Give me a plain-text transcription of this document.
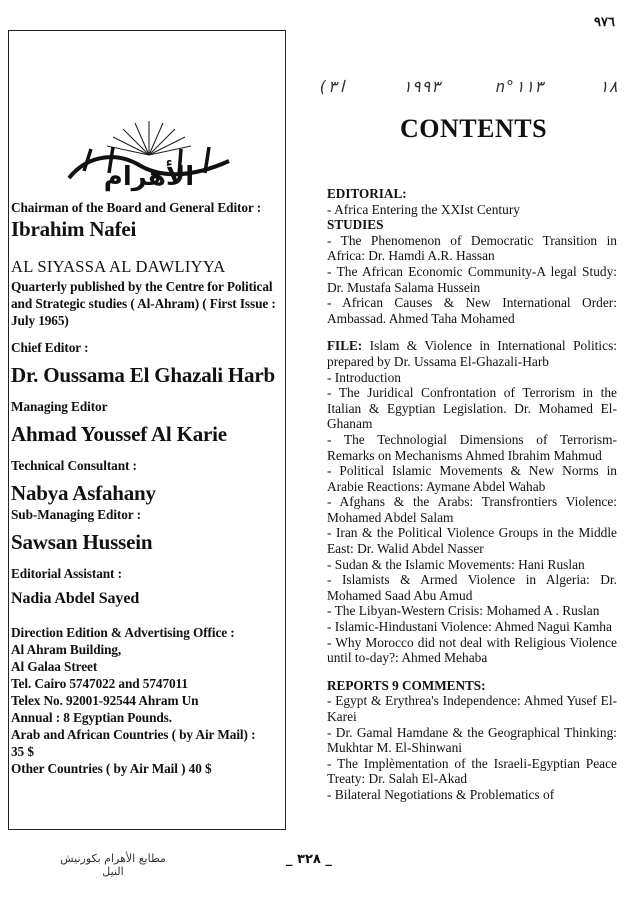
٩٧٦
(ا٣	١٩٩٣	n°١١٣	١٨
الأهرام
Chairman of the Board and General Editor :
Ibrahim Nafei
AL SIYASSA AL DAWLIYYA
Quarterly published by the Centre for Political
and Strategic studies ( Al-Ahram) ( First Issue :
July 1965)
Chief Editor :
Dr. Oussama El Ghazali Harb
Managing Editor
Ahmad Youssef Al Karie
Technical Consultant :
Nabya Asfahany
Sub-Managing Editor :
Sawsan Hussein
Editorial Assistant :
Nadia Abdel Sayed
Direction Edition & Advertising Office :
Al Ahram Building,
Al Galaa Street
Tel. Cairo 5747022 and 5747011
Telex No. 92001-92544 Ahram Un
Annual : 8 Egyptian Pounds.
Arab and African Countries ( by Air Mail) :
35 $
Other Countries ( by Air Mail ) 40 $
CONTENTS
EDITORIAL:
- Africa Entering the XXIst Century
STUDIES
- The Phenomenon of Democratic Transition in Africa: Dr. Hamdi A.R. Hassan
- The African Economic Community-A legal Study: Dr. Mustafa Salama Hussein
- African Causes & New International Order: Ambassad. Ahmed Taha Mohamed
FILE: Islam & Violence in International Politics: prepared by Dr. Ussama El-Ghazali-Harb
- Introduction
- The Juridical Confrontation of Terrorism in the Italian & Egyptian Legislation. Dr. Mohamed El-Ghanam
- The Technologial Dimensions of Terrorism-Remarks on Mechanisms Ahmed Ibrahim Mahmud
- Political Islamic Movements & New Norms in Arabie Reactions: Aymane Abdel Wahab
- Afghans & the Arabs: Transfrontiers Violence: Mohamed Abdel Salam
- Iran & the Political Violence Groups in the Middle East: Dr. Walid Abdel Nasser
- Sudan & the Islamic Movements: Hani Ruslan
- Islamists & Armed Violence in Algeria: Dr. Mohamed Saad Abu Amud
- The Libyan-Western Crisis: Mohamed A . Ruslan
- Islamic-Hindustani Violence: Ahmed Nagui Kamha
- Why Morocco did not deal with Religious Violence until to-day?: Ahmed Mehaba
REPORTS 9 COMMENTS:
- Egypt & Erythrea's Independence: Ahmed Yusef El-Karei
- Dr. Gamal Hamdane & the Geographical Thinking: Mukhtar M. El-Shinwani
- The Implèmentation of the Israeli-Egyptian Peace Treaty: Dr. Salah El-Akad
- Bilateral Negotiations & Problematics of
مطابع الأهرام بكورنيش النيل
_ ٣٢٨ _
